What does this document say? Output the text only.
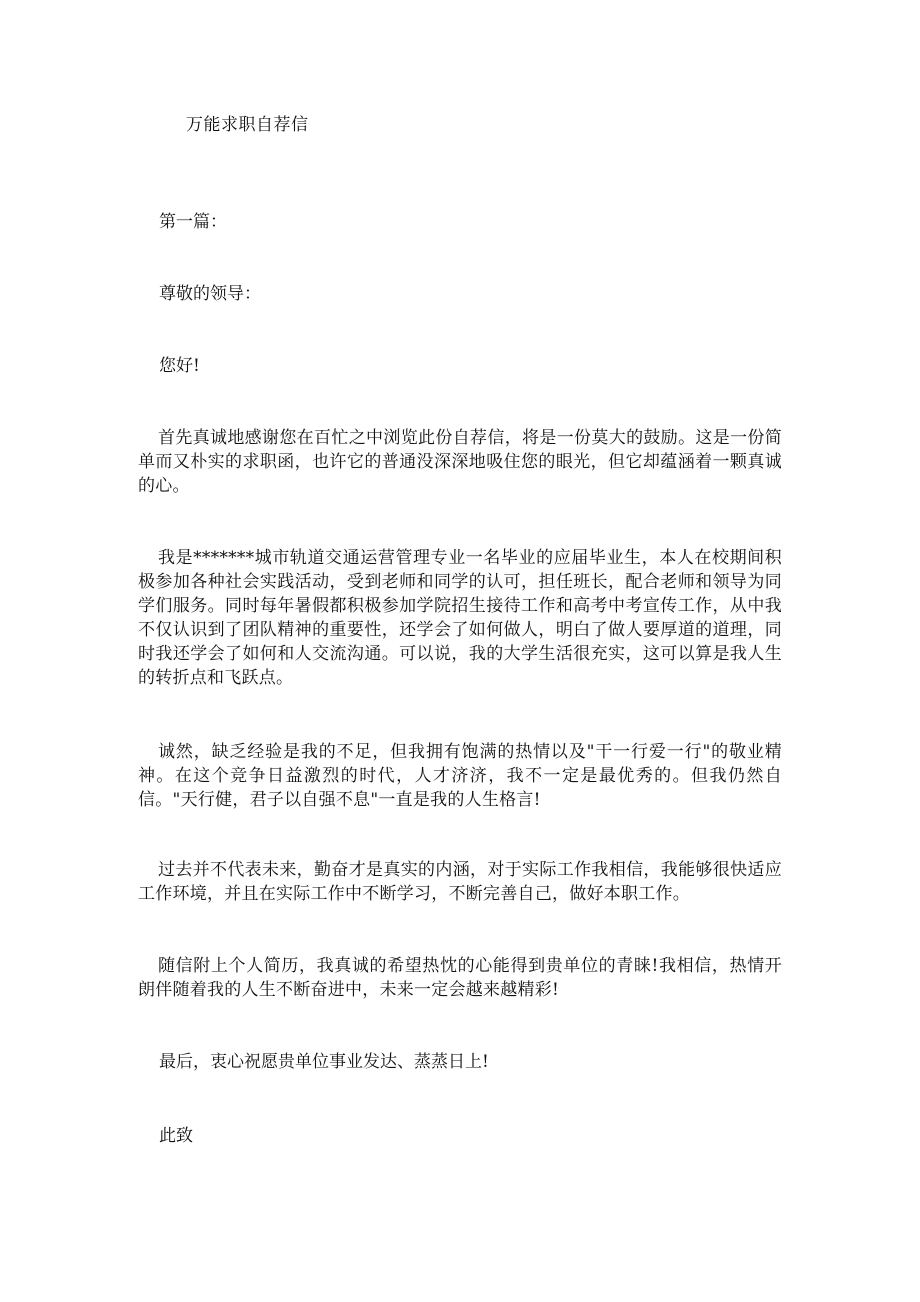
万能求职自荐信

第一篇：

尊敬的领导：

您好!

首先真诚地感谢您在百忙之中浏览此份自荐信，将是一份莫大的鼓励。这是一份简单而又朴实的求职函，也许它的普通没深深地吸住您的眼光，但它却蕴涵着一颗真诚的心。

我是*******城市轨道交通运营管理专业一名毕业的应届毕业生，本人在校期间积极参加各种社会实践活动，受到老师和同学的认可，担任班长，配合老师和领导为同学们服务。同时每年暑假都积极参加学院招生接待工作和高考中考宣传工作，从中我不仅认识到了团队精神的重要性，还学会了如何做人，明白了做人要厚道的道理，同时我还学会了如何和人交流沟通。可以说，我的大学生活很充实，这可以算是我人生的转折点和飞跃点。

诚然，缺乏经验是我的不足，但我拥有饱满的热情以及"干一行爱一行"的敬业精神。在这个竞争日益激烈的时代，人才济济，我不一定是最优秀的。但我仍然自信。"天行健，君子以自强不息"一直是我的人生格言!

过去并不代表未来，勤奋才是真实的内涵，对于实际工作我相信，我能够很快适应工作环境，并且在实际工作中不断学习，不断完善自己，做好本职工作。

随信附上个人简历，我真诚的希望热忱的心能得到贵单位的青睐!我相信，热情开朗伴随着我的人生不断奋进中，未来一定会越来越精彩!

最后，衷心祝愿贵单位事业发达、蒸蒸日上!

此致
